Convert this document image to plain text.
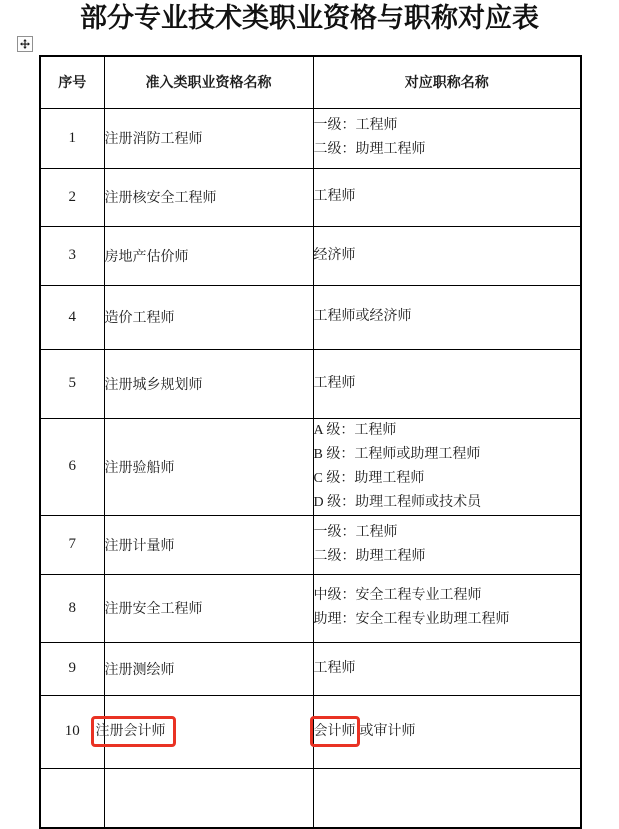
部分专业技术类职业资格与职称对应表
序号	准入类职业资格名称	对应职称名称
1	注册消防工程师	一级：工程师
二级：助理工程师

2	注册核安全工程师	工程师

3	房地产估价师	经济师

4	造价工程师	工程师或经济师

5	注册城乡规划师	工程师

6	注册验船师	A 级：工程师
B 级：工程师或助理工程师
C 级：助理工程师
D 级：助理工程师或技术员

7	注册计量师	一级：工程师
二级：助理工程师

8	注册安全工程师	中级：安全工程专业工程师
助理：安全工程专业助理工程师

9	注册测绘师	工程师

10	注册会计师	会计师 或审计师
